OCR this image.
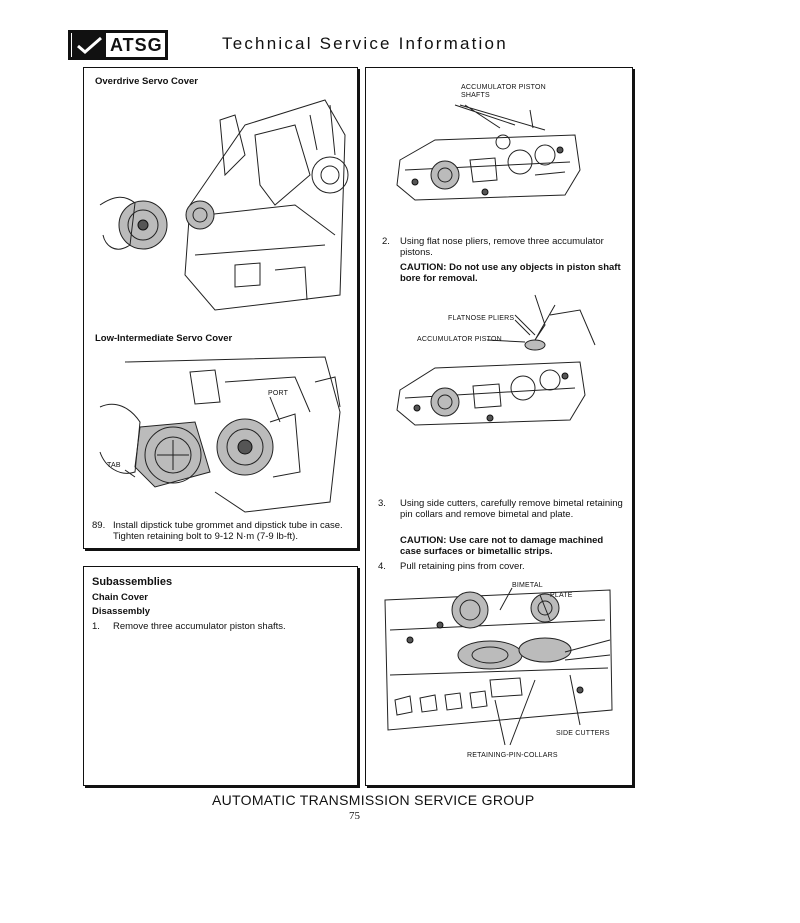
ATSG	Technical Service Information
Overdrive Servo Cover
Low-Intermediate Servo Cover
PORT
TAB
89. Install dipstick tube grommet and dipstick tube in case. Tighten retaining bolt to 9-12 N·m (7-9 lb-ft).
Subassemblies
Chain Cover
Disassembly
1. Remove three accumulator piston shafts.
ACCUMULATOR PISTON
SHAFTS
2. Using flat nose pliers, remove three accumulator pistons.
CAUTION: Do not use any objects in piston shaft bore for removal.
FLATNOSE PLIERS
ACCUMULATOR PISTON
3. Using side cutters, carefully remove bimetal retaining pin collars and remove bimetal and plate.
CAUTION: Use care not to damage machined case surfaces or bimetallic strips.
4. Pull retaining pins from cover.
BIMETAL
PLATE
SIDE CUTTERS
RETAINING-PIN-COLLARS
AUTOMATIC TRANSMISSION SERVICE GROUP
75
